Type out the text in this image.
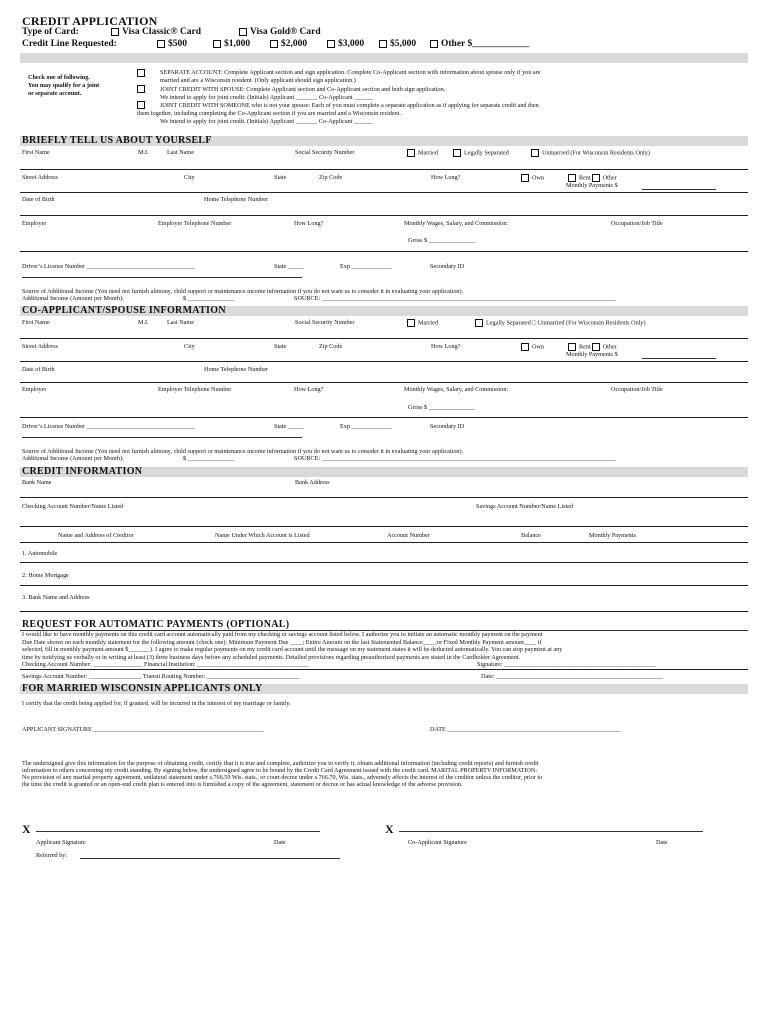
CREDIT APPLICATION
Type of Card:	Visa Classic® Card	Visa Gold® Card
Credit Line Requested:	$500	$1,000	$2,000	$3,000	$5,000	Other $____________
Check one of following.
You may qualify for a joint
or separate account.
SEPARATE ACCOUNT: Complete Applicant section and sign application. Complete Co-Applicant section with information about spouse only if you are
married and are a Wisconsin resident. (Only applicant should sign application.)
JOINT CREDIT WITH SPOUSE: Complete Applicant section and Co-Applicant section and both sign application.
We intend to apply for joint credit: (Initials) Applicant _______ Co-Applicant ______
JOINT CREDIT WITH SOMEONE who is not your spouse: Each of you must complete a separate application as if applying for separate credit and then
them together, including completing the Co-Applicant section if you are married and a Wisconsin resident.
We intend to apply for joint credit. (Initials) Applicant _______ Co-Applicant ______
BRIEFLY TELL US ABOUT YOURSELF
First Name	M.I.	Last Name	Social Security Number	Married	Legally Separated	Unmarried (For Wisconsin Residents Only)
Street Address	City	State	Zip Code	How Long?	Own	Rent Other
Monthly Payments $
Date of Birth	Home Telephone Number
Employer	Employer Telephone Number	How Long?	Monthly Wages, Salary, and Commission:	Occupation/Job Title
Gross $ _______________
Driver’s License Number ___________________________________	State _____	Exp _____________	Secondary ID
Source of Additional Income (You need not furnish alimony, child support or maintenance income information if you do not want us to consider it in evaluating your application).
Additional Income (Amount per Month):	$ _______________	SOURCE: _______________________________________________________________________________________________
CO-APPLICANT/SPOUSE INFORMATION
First Name	M.I.	Last Name	Social Security Number	Married	Legally Separated □ Unmarried (For Wisconsin Residents Only)
Street Address	City	State	Zip Code	How Long?	Own	Rent Other
Monthly Payments $
Date of Birth	Home Telephone Number
Employer	Employer Telephone Number	How Long?	Monthly Wages, Salary, and Commission:	Occupation/Job Title
Gross $ _______________
Driver’s License Number ___________________________________	State _____	Exp _____________	Secondary ID
Source of Additional Income (You need not furnish alimony, child support or maintenance income information if you do not want us to consider it in evaluating your application).
Additional Income (Amount per Month):	$ _______________	SOURCE: _______________________________________________________________________________________________
CREDIT INFORMATION
Bank Name	Bank Address
Checking Account Number/Name Listed	Savings Account Number/Name Listed
Name and Address of Creditor	Name Under Which Account is Listed	Account Number	Balance	Monthly Payments
1. Automobile
2. Home Mortgage
3. Bank Name and Address
REQUEST FOR AUTOMATIC PAYMENTS (OPTIONAL)
I would like to have monthly payments on this credit card account automatically paid from my checking or savings account listed below. I authorize you to initiate an automatic monthly payment on the payment
Due Date shown on each monthly statement for the following amount (check one): Minimum Payment Due ____; Entire Amount on the last Statemented Balance____;or Fixed Monthly Payment amount____ if
selected, fill in monthly payment amount $_______). I agree to make regular payments on my credit card account until the message on my statement states it will be deducted automatically. You can stop payment at any
time by notifying us verbally or in writing at least (3) three business days before any scheduled payments. Detailed provisions regarding preauthorized payments are stated in the Cardholder Agreement.
Checking Account Number: ________________ Financial Institution: ____________________________________	Signature: _________________________________________________
Savings Account Number: _________________ Transit Routing Number: ______________________________	Date: ______________________________________________________
FOR MARRIED WISCONSIN APPLICANTS ONLY
I certify that the credit being applied for, if granted, will be incurred in the interest of my marriage or family.
APPLICANT SIGNATURE _______________________________________________________	DATE ________________________________________________________
The undersigned give this information for the purpose of obtaining credit, certify that it is true and complete, authorize you to verify it, obtain additional information (including credit reports) and furnish credit
information to others concerning my credit standing. By signing below, the undersigned agree to be bound by the Credit Card Agreement issued with the credit card. MARITAL PROPERTY INFORMATION:
No provision of any marital property agreement, unilateral statement under s.766.59 Wis. stats., or court decree under s.766.70, Wis. stats., adversely affects the interest of the creditor unless the creditor, prior to
the time the credit is granted or an open-end credit plan is entered into is furnished a copy of the agreement, statement or decree or has actual knowledge of the adverse provision.
X	X
Applicant Signature	Date	Co-Applicant Signature	Date
Referred by:
